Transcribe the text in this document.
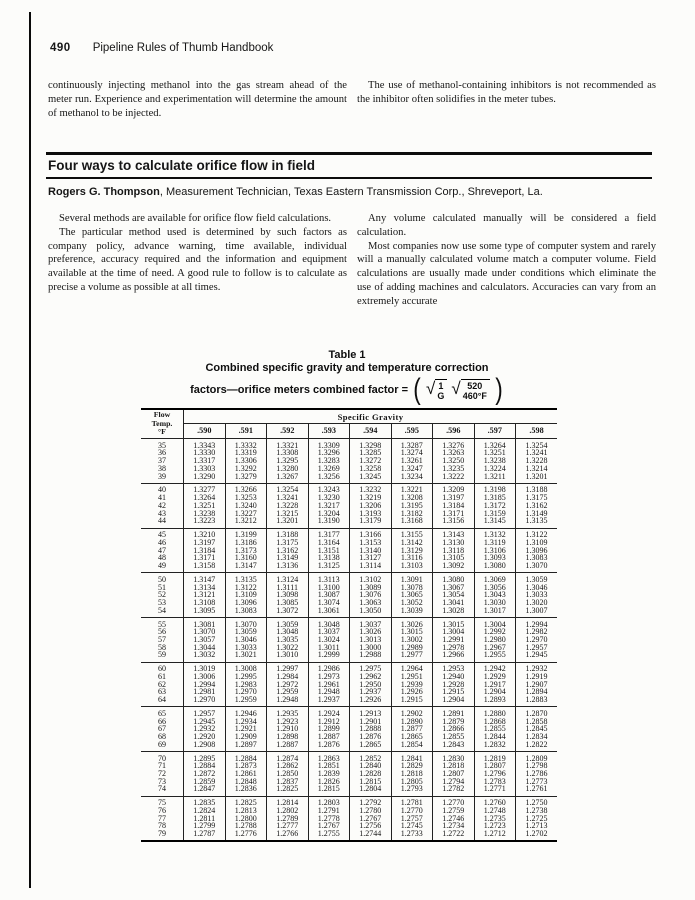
490 Pipeline Rules of Thumb Handbook

continuously injecting methanol into the gas stream ahead of the meter run. Experience and experimentation will determine the amount of methanol to be injected.

The use of methanol-containing inhibitors is not recommended as the inhibitor often solidifies in the meter tubes.

Four ways to calculate orifice flow in field
Rogers G. Thompson, Measurement Technician, Texas Eastern Transmission Corp., Shreveport, La.

Several methods are available for orifice flow field calculations.

The particular method used is determined by such factors as company policy, advance warning, time available, individual preference, accuracy required and the information and equipment available at the time of need. A good rule to follow is to calculate as precise a volume as possible at all times.

Any volume calculated manually will be considered a field calculation.

Most companies now use some type of computer system and rarely will a manually calculated volume match a computer volume. Field calculations are usually made under conditions which eliminate the use of adding machines and calculators. Accuracies can vary from an extremely accurate

Table 1

Combined specific gravity and temperature correction

factors—orifice meters combined factor = ( √ 1
G √ 520
460°F )
Flow
Temp.
°F	Specific Gravity								
	.590	.591	.592	.593	.594	.595	.596	.597	.598
35	1.3343	1.3332	1.3321	1.3309	1.3298	1.3287	1.3276	1.3264	1.3254
36	1.3330	1.3319	1.3308	1.3296	1.3285	1.3274	1.3263	1.3251	1.3241
37	1.3317	1.3306	1.3295	1.3283	1.3272	1.3261	1.3250	1.3238	1.3228
38	1.3303	1.3292	1.3280	1.3269	1.3258	1.3247	1.3235	1.3224	1.3214
39	1.3290	1.3279	1.3267	1.3256	1.3245	1.3234	1.3222	1.3211	1.3201
40	1.3277	1.3266	1.3254	1.3243	1.3232	1.3221	1.3209	1.3198	1.3188
41	1.3264	1.3253	1.3241	1.3230	1.3219	1.3208	1.3197	1.3185	1.3175
42	1.3251	1.3240	1.3228	1.3217	1.3206	1.3195	1.3184	1.3172	1.3162
43	1.3238	1.3227	1.3215	1.3204	1.3193	1.3182	1.3171	1.3159	1.3149
44	1.3223	1.3212	1.3201	1.3190	1.3179	1.3168	1.3156	1.3145	1.3135
45	1.3210	1.3199	1.3188	1.3177	1.3166	1.3155	1.3143	1.3132	1.3122
46	1.3197	1.3186	1.3175	1.3164	1.3153	1.3142	1.3130	1.3119	1.3109
47	1.3184	1.3173	1.3162	1.3151	1.3140	1.3129	1.3118	1.3106	1.3096
48	1.3171	1.3160	1.3149	1.3138	1.3127	1.3116	1.3105	1.3093	1.3083
49	1.3158	1.3147	1.3136	1.3125	1.3114	1.3103	1.3092	1.3080	1.3070
50	1.3147	1.3135	1.3124	1.3113	1.3102	1.3091	1.3080	1.3069	1.3059
51	1.3134	1.3122	1.3111	1.3100	1.3089	1.3078	1.3067	1.3056	1.3046
52	1.3121	1.3109	1.3098	1.3087	1.3076	1.3065	1.3054	1.3043	1.3033
53	1.3108	1.3096	1.3085	1.3074	1.3063	1.3052	1.3041	1.3030	1.3020
54	1.3095	1.3083	1.3072	1.3061	1.3050	1.3039	1.3028	1.3017	1.3007
55	1.3081	1.3070	1.3059	1.3048	1.3037	1.3026	1.3015	1.3004	1.2994
56	1.3070	1.3059	1.3048	1.3037	1.3026	1.3015	1.3004	1.2992	1.2982
57	1.3057	1.3046	1.3035	1.3024	1.3013	1.3002	1.2991	1.2980	1.2970
58	1.3044	1.3033	1.3022	1.3011	1.3000	1.2989	1.2978	1.2967	1.2957
59	1.3032	1.3021	1.3010	1.2999	1.2988	1.2977	1.2966	1.2955	1.2945
60	1.3019	1.3008	1.2997	1.2986	1.2975	1.2964	1.2953	1.2942	1.2932
61	1.3006	1.2995	1.2984	1.2973	1.2962	1.2951	1.2940	1.2929	1.2919
62	1.2994	1.2983	1.2972	1.2961	1.2950	1.2939	1.2928	1.2917	1.2907
63	1.2981	1.2970	1.2959	1.2948	1.2937	1.2926	1.2915	1.2904	1.2894
64	1.2970	1.2959	1.2948	1.2937	1.2926	1.2915	1.2904	1.2893	1.2883
65	1.2957	1.2946	1.2935	1.2924	1.2913	1.2902	1.2891	1.2880	1.2870
66	1.2945	1.2934	1.2923	1.2912	1.2901	1.2890	1.2879	1.2868	1.2858
67	1.2932	1.2921	1.2910	1.2899	1.2888	1.2877	1.2866	1.2855	1.2845
68	1.2920	1.2909	1.2898	1.2887	1.2876	1.2865	1.2855	1.2844	1.2834
69	1.2908	1.2897	1.2887	1.2876	1.2865	1.2854	1.2843	1.2832	1.2822
70	1.2895	1.2884	1.2874	1.2863	1.2852	1.2841	1.2830	1.2819	1.2809
71	1.2884	1.2873	1.2862	1.2851	1.2840	1.2829	1.2818	1.2807	1.2798
72	1.2872	1.2861	1.2850	1.2839	1.2828	1.2818	1.2807	1.2796	1.2786
73	1.2859	1.2848	1.2837	1.2826	1.2815	1.2805	1.2794	1.2783	1.2773
74	1.2847	1.2836	1.2825	1.2815	1.2804	1.2793	1.2782	1.2771	1.2761
75	1.2835	1.2825	1.2814	1.2803	1.2792	1.2781	1.2770	1.2760	1.2750
76	1.2824	1.2813	1.2802	1.2791	1.2780	1.2770	1.2759	1.2748	1.2738
77	1.2811	1.2800	1.2789	1.2778	1.2767	1.2757	1.2746	1.2735	1.2725
78	1.2799	1.2788	1.2777	1.2767	1.2756	1.2745	1.2734	1.2723	1.2713
79	1.2787	1.2776	1.2766	1.2755	1.2744	1.2733	1.2722	1.2712	1.2702
